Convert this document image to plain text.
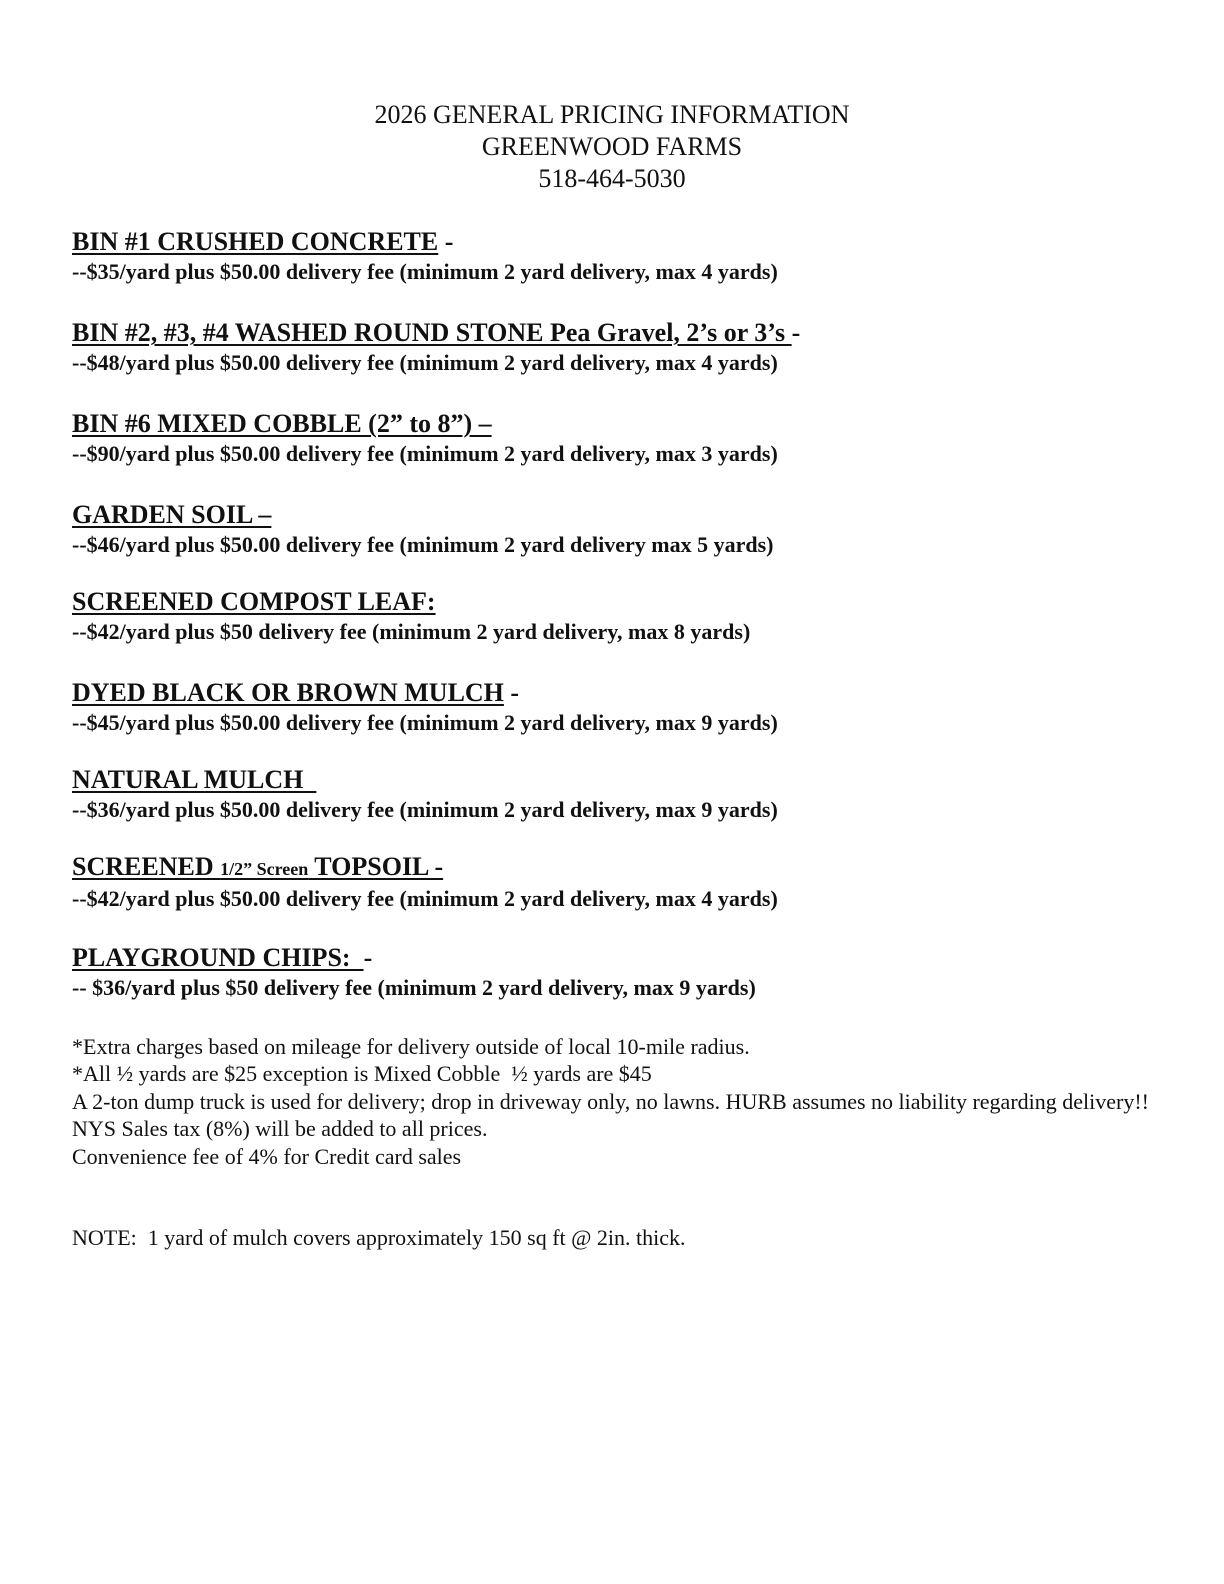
2026 GENERAL PRICING INFORMATION
GREENWOOD FARMS
518-464-5030
BIN #1 CRUSHED CONCRETE -
--$35/yard plus $50.00 delivery fee (minimum 2 yard delivery, max 4 yards)
BIN #2, #3, #4 WASHED ROUND STONE Pea Gravel, 2’s or 3’s -
--$48/yard plus $50.00 delivery fee (minimum 2 yard delivery, max 4 yards)
BIN #6 MIXED COBBLE (2” to 8”) –
--$90/yard plus $50.00 delivery fee (minimum 2 yard delivery, max 3 yards)
GARDEN SOIL –
--$46/yard plus $50.00 delivery fee (minimum 2 yard delivery max 5 yards)
SCREENED COMPOST LEAF:
--$42/yard plus $50 delivery fee (minimum 2 yard delivery, max 8 yards)
DYED BLACK OR BROWN MULCH -
--$45/yard plus $50.00 delivery fee (minimum 2 yard delivery, max 9 yards)
NATURAL MULCH
--$36/yard plus $50.00 delivery fee (minimum 2 yard delivery, max 9 yards)
SCREENED 1/2” Screen TOPSOIL -
--$42/yard plus $50.00 delivery fee (minimum 2 yard delivery, max 4 yards)
PLAYGROUND CHIPS:  -
-- $36/yard plus $50 delivery fee (minimum 2 yard delivery, max 9 yards)
*Extra charges based on mileage for delivery outside of local 10-mile radius.
*All ½ yards are $25 exception is Mixed Cobble  ½ yards are $45
A 2-ton dump truck is used for delivery; drop in driveway only, no lawns. HURB assumes no liability regarding delivery!!
NYS Sales tax (8%) will be added to all prices.
Convenience fee of 4% for Credit card sales
NOTE:  1 yard of mulch covers approximately 150 sq ft @ 2in. thick.
